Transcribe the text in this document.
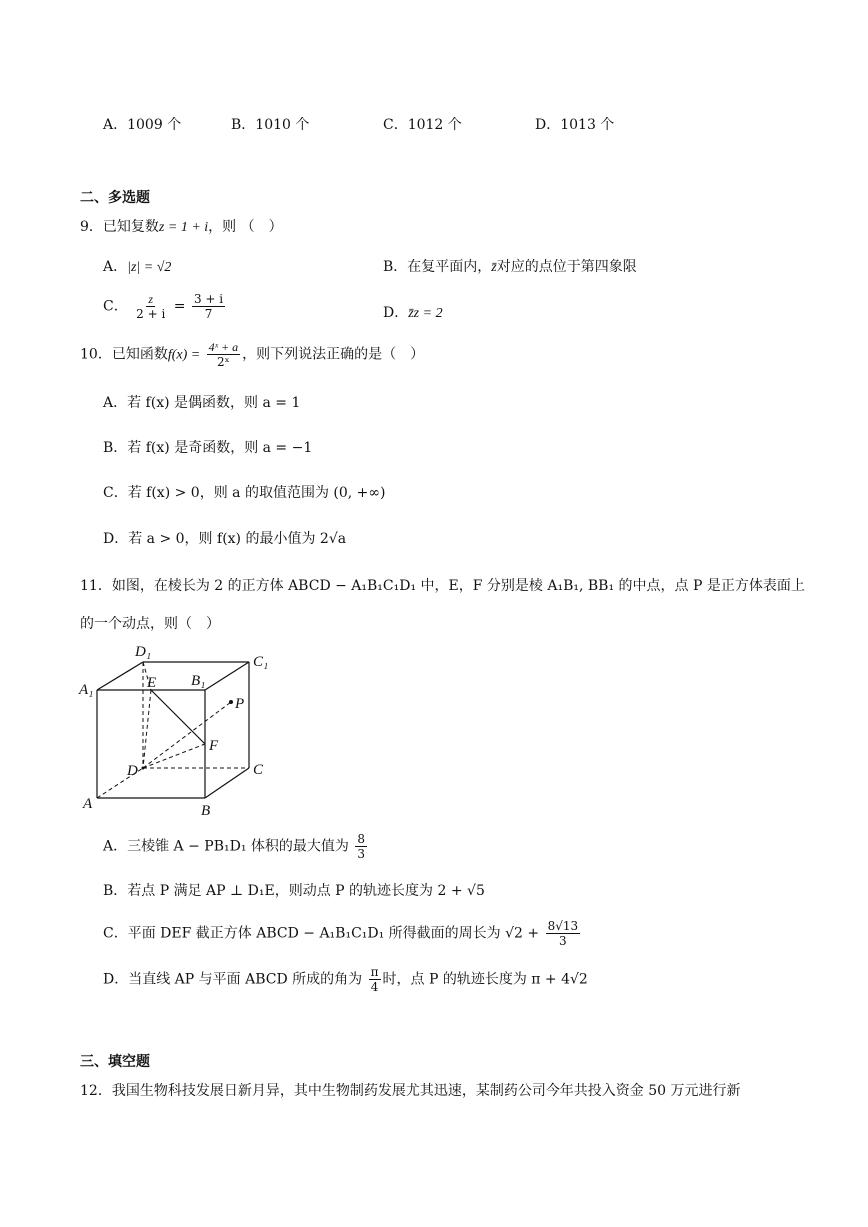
A．1009 个	B．1010 个	C．1012 个	D．1013 个
二、多选题
9．已知复数z = 1 + i，则 （　）
A．|z| = √2	B．在复平面内，z̄对应的点位于第四象限
C． $\frac{z}{2 + i} = \frac{3 + i}{7}$	D．z̄z = 2
10．已知函数$f(x) = \frac{\text{4ˣ + a}}{\text{2ˣ}}$ ，则下列说法正确的是（　）
A．若 f(x) 是偶函数，则 a = 1
B．若 f(x) 是奇函数，则 a = −1
C．若 f(x) > 0，则 a 的取值范围为 (0, +∞)
D．若 a > 0，则 f(x) 的最小值为 2√a
11．如图，在棱长为 2 的正方体 ABCD − A₁B₁C₁D₁ 中，E，F 分别是棱 A₁B₁, BB₁ 的中点，点 P 是正方体表面上
的一个动点，则（　）
D₁
C₁
A₁
B₁
E
P
F
D	C
A	B
A．三棱锥 A − PB₁D₁ 体积的最大值为 $\frac{8}{3}$
B．若点 P 满足 AP ⊥ D₁E，则动点 P 的轨迹长度为 2 + √5
C．平面 DEF 截正方体 ABCD − A₁B₁C₁D₁ 所得截面的周长为 $√2 + \frac{8√13}{3}$
D．当直线 AP 与平面 ABCD 所成的角为 $\frac{\pi}{4}$ 时，点 P 的轨迹长度为 π + 4√2
三、填空题
12．我国生物科技发展日新月异，其中生物制药发展尤其迅速，某制药公司今年共投入资金 50 万元进行新
